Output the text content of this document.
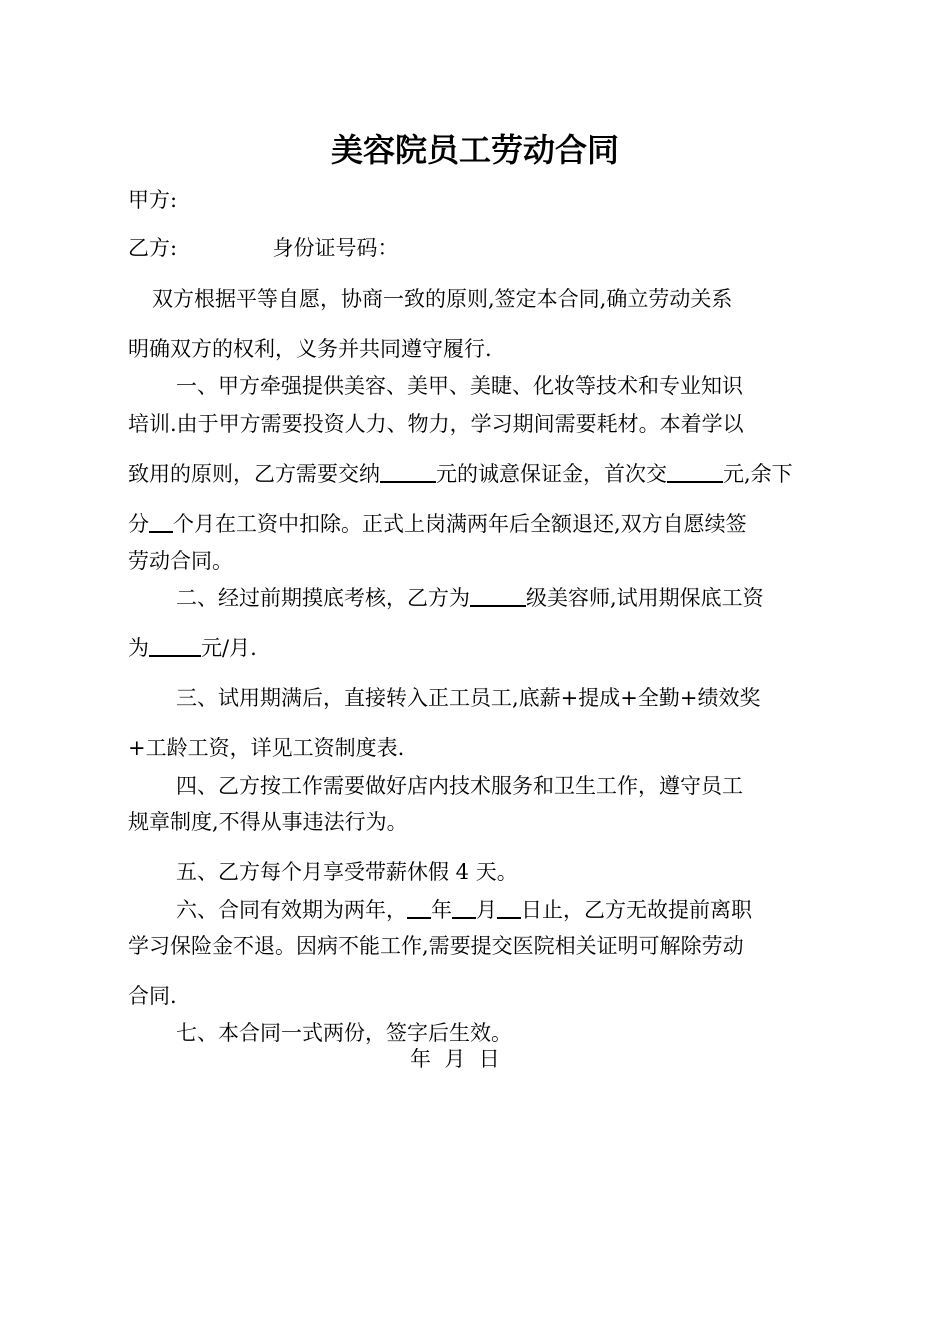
美容院员工劳动合同
甲方:
乙方:	身份证号码：
双方根据平等自愿，协商一致的原则,签定本合同,确立劳动关系
明确双方的权利，义务并共同遵守履行.
一、甲方牵强提供美容、美甲、美睫、化妆等技术和专业知识
培训.由于甲方需要投资人力、物力，学习期间需要耗材。本着学以
致用的原则，乙方需要交纳	元的诚意保证金，首次交	元,余下
分 个月在工资中扣除。正式上岗满两年后全额退还,双方自愿续签
劳动合同。
二、经过前期摸底考核，乙方为	级美容师,试用期保底工资
为 元/月.
三、试用期满后，直接转入正工员工,底薪+提成+全勤+绩效奖
+工龄工资，详见工资制度表.
四、乙方按工作需要做好店内技术服务和卫生工作，遵守员工
规章制度,不得从事违法行为。
五、乙方每个月享受带薪休假 4 天。
六、合同有效期为两年， 年 月 日止，乙方无故提前离职
学习保险金不退。因病不能工作,需要提交医院相关证明可解除劳动
合同.
七、本合同一式两份，签字后生效。
年  月  日
